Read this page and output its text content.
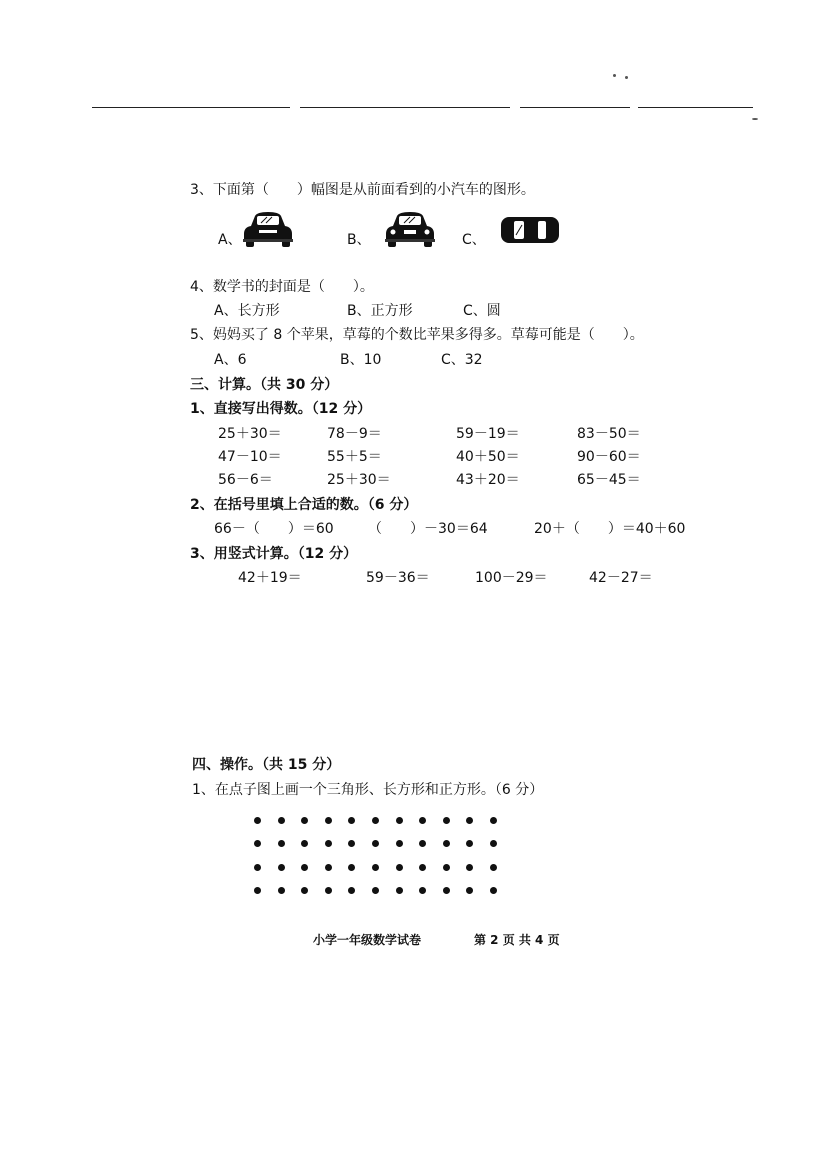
3、下面第（　　）幅图是从前面看到的小汽车的图形。
A、	B、	C、
4、数学书的封面是（　　）。
A、长方形	B、正方形	C、圆
5、妈妈买了 8 个苹果，草莓的个数比苹果多得多。草莓可能是（　　）。
A、6	B、10	C、32
三、计算。（共 30 分）
1、直接写出得数。（12 分）
25＋30＝	78－9＝	59－19＝	83－50＝
47－10＝	55＋5＝	40＋50＝	90－60＝
56－6＝	25＋30＝	43＋20＝	65－45＝
2、在括号里填上合适的数。（6 分）
66－（　　）＝60 （　　）－30＝64	20＋（　　）＝40＋60
3、用竖式计算。（12 分）
42＋19＝	59－36＝	100－29＝	42－27＝
四、操作。（共 15 分）
1、在点子图上画一个三角形、长方形和正方形。（6 分）
小学一年级数学试卷	第 2 页 共 4 页
